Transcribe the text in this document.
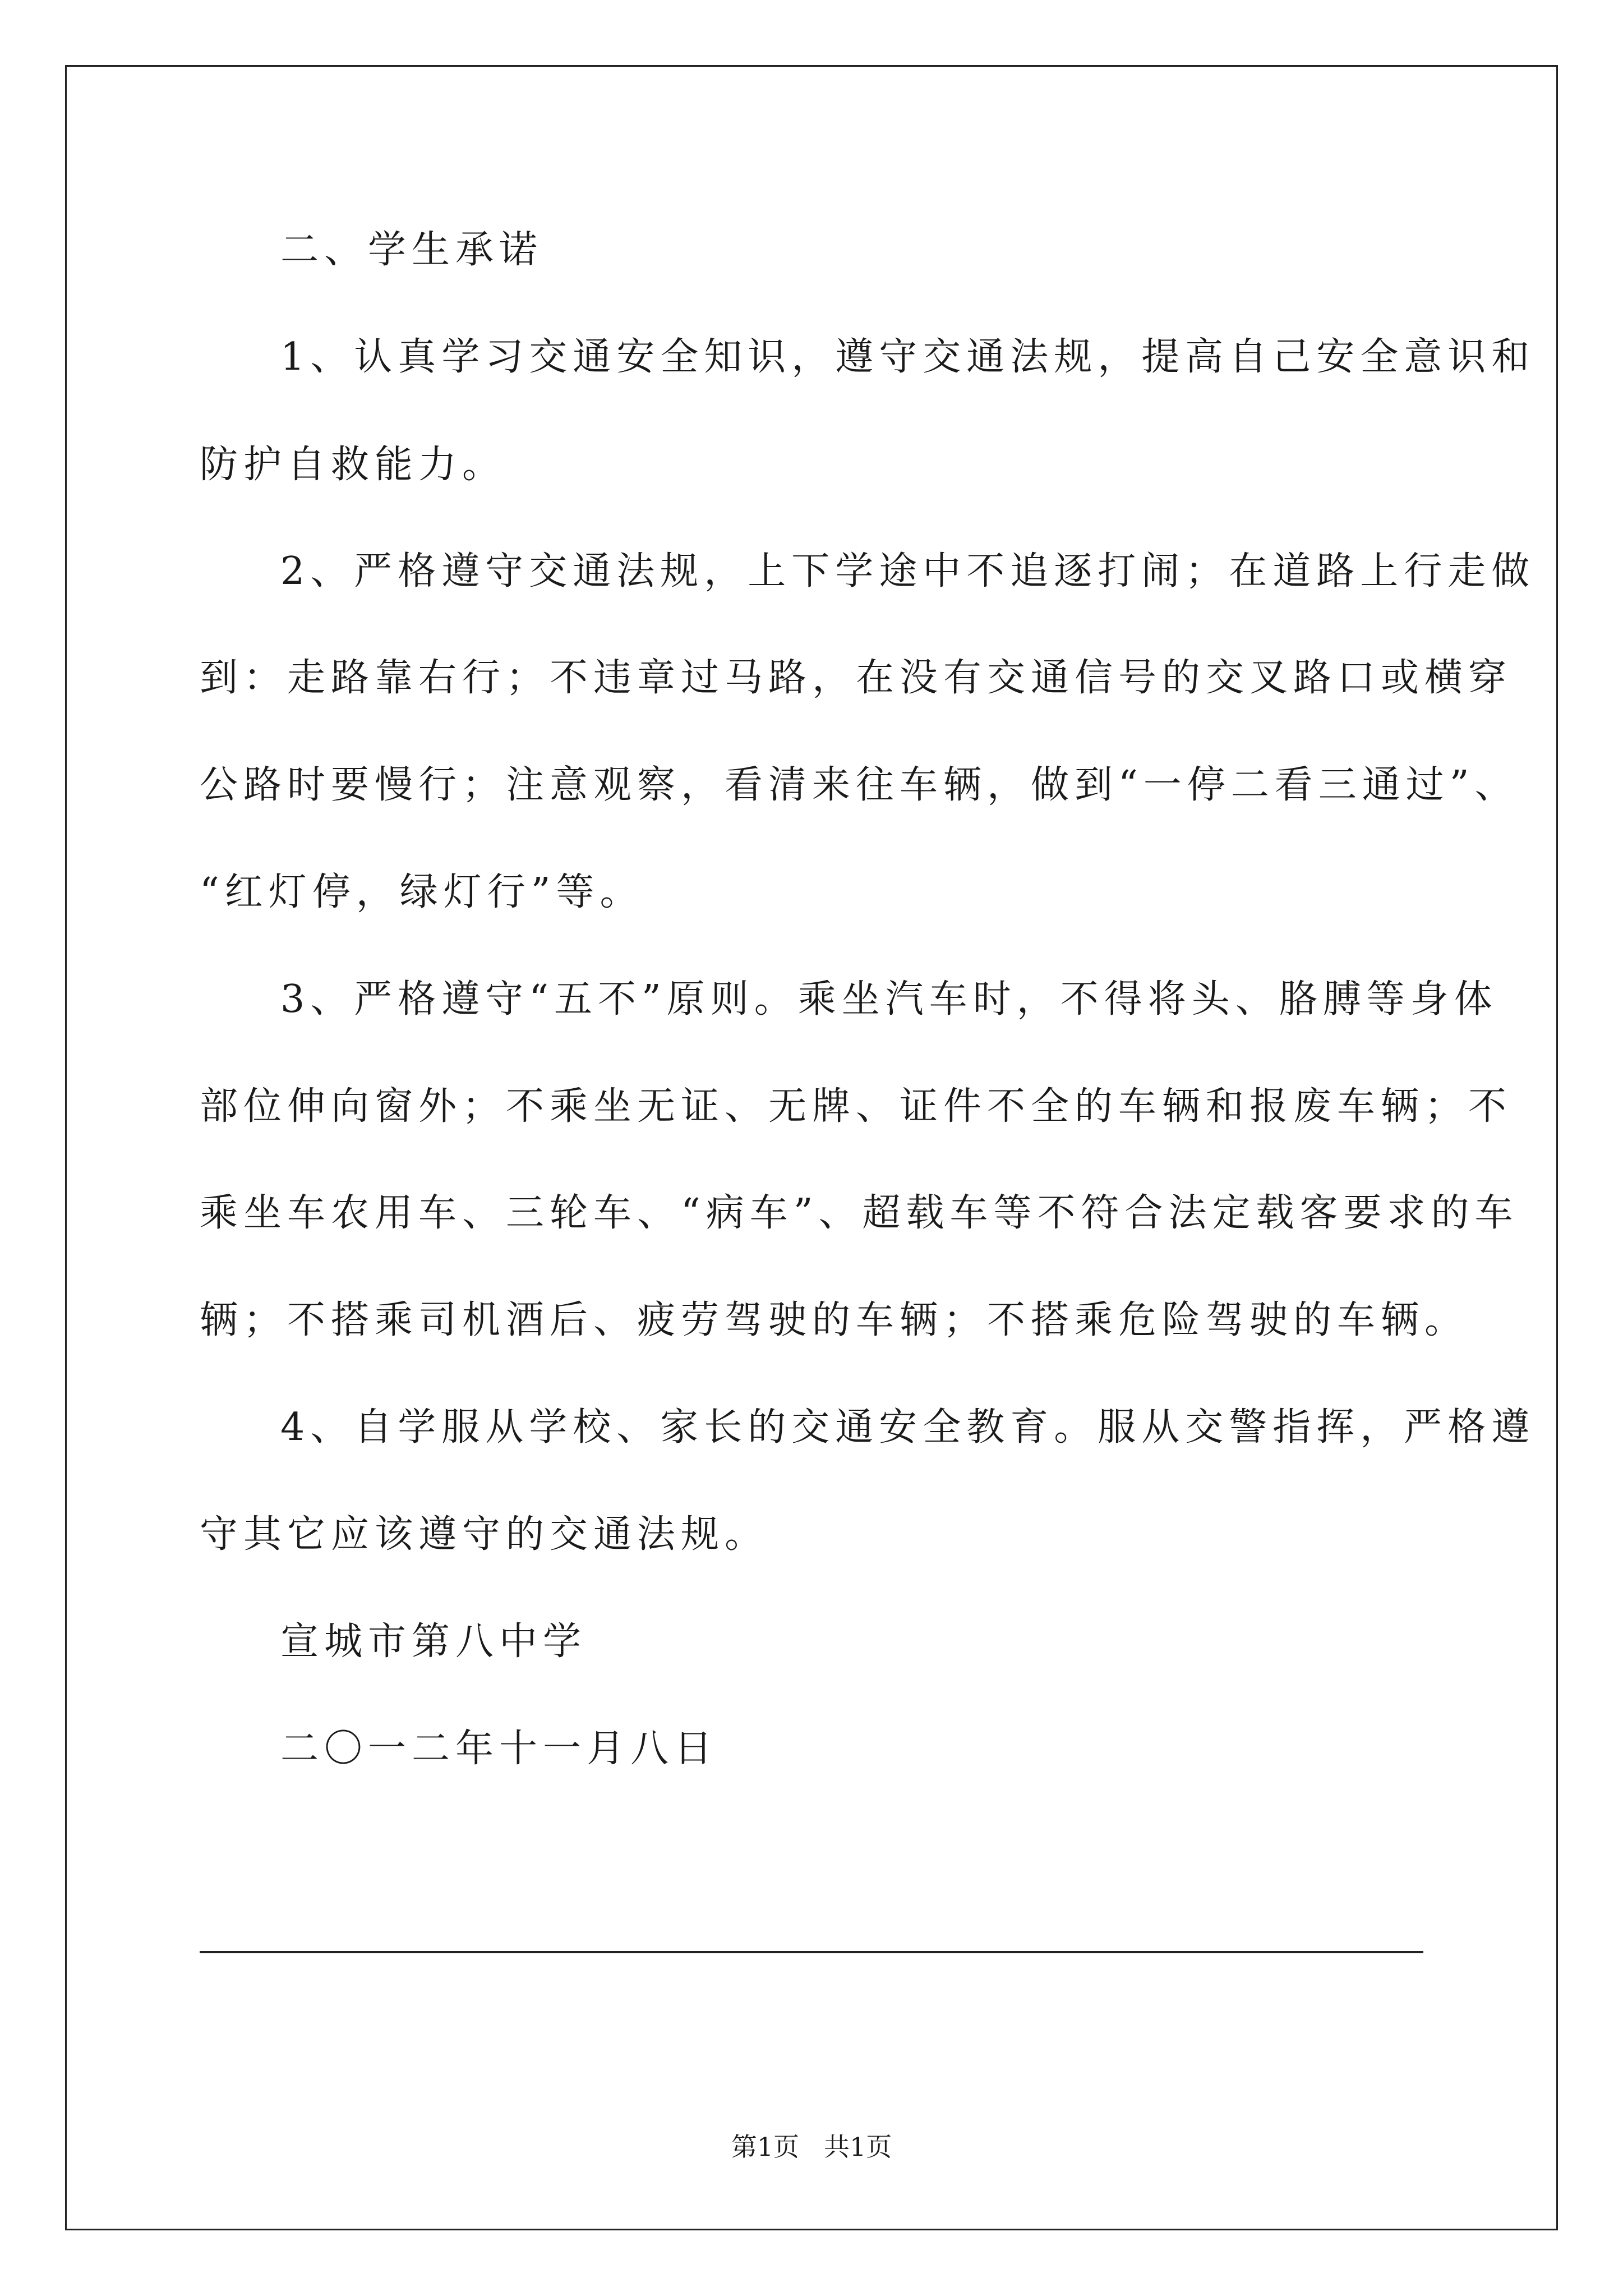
二、学生承诺

1、认真学习交通安全知识，遵守交通法规，提高自己安全意识和

防护自救能力。

2、严格遵守交通法规，上下学途中不追逐打闹；在道路上行走做

到：走路靠右行；不违章过马路，在没有交通信号的交叉路口或横穿

公路时要慢行；注意观察，看清来往车辆，做到“一停二看三通过”、

“红灯停，绿灯行”等。

3、严格遵守“五不”原则。乘坐汽车时，不得将头、胳膊等身体

部位伸向窗外；不乘坐无证、无牌、证件不全的车辆和报废车辆；不

乘坐车农用车、三轮车、“病车”、超载车等不符合法定载客要求的车

辆；不搭乘司机酒后、疲劳驾驶的车辆；不搭乘危险驾驶的车辆。

4、自学服从学校、家长的交通安全教育。服从交警指挥，严格遵

守其它应该遵守的交通法规。

宣城市第八中学

二〇一二年十一月八日

第1页 共1页
